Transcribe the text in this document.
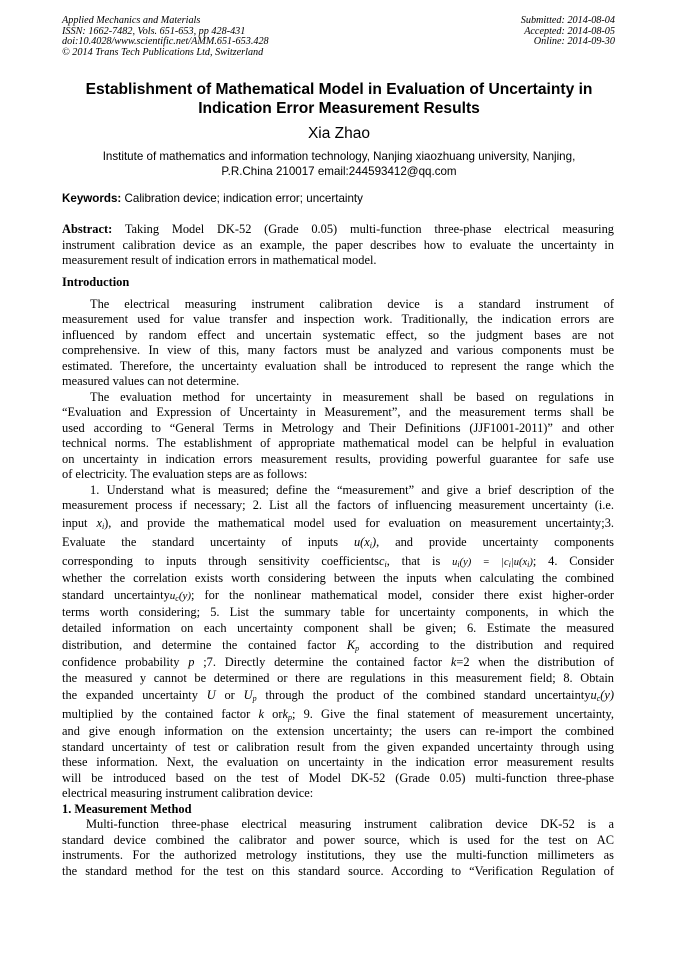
Applied Mechanics and Materials
ISSN: 1662-7482, Vols. 651-653, pp 428-431
doi:10.4028/www.scientific.net/AMM.651-653.428
© 2014 Trans Tech Publications Ltd, Switzerland
Submitted: 2014-08-04
Accepted: 2014-08-05
Online: 2014-09-30
Establishment of Mathematical Model in Evaluation of Uncertainty in
Indication Error Measurement Results
Xia Zhao
Institute of mathematics and information technology, Nanjing xiaozhuang university, Nanjing,
P.R.China 210017 email:244593412@qq.com
Keywords: Calibration device; indication error; uncertainty
Abstract: Taking Model DK-52 (Grade 0.05) multi-function three-phase electrical measuring
instrument calibration device as an example, the paper describes how to evaluate the uncertainty in
measurement result of indication errors in mathematical model.
Introduction
The electrical measuring instrument calibration device is a standard instrument of
measurement used for value transfer and inspection work. Traditionally, the indication errors are
influenced by random effect and uncertain systematic effect, so the judgment bases are not
comprehensive. In view of this, many factors must be analyzed and various components must be
estimated. Therefore, the uncertainty evaluation shall be introduced to represent the range which the
measured values can not determine.
The evaluation method for uncertainty in measurement shall be based on regulations in
“Evaluation and Expression of Uncertainty in Measurement”, and the measurement terms shall be
used according to “General Terms in Metrology and Their Definitions (JJF1001-2011)” and other
technical norms. The establishment of appropriate mathematical model can be helpful in evaluation
on uncertainty in indication errors measurement results, providing powerful guarantee for safe use
of electricity. The evaluation steps are as follows:
1. Understand what is measured; define the “measurement” and give a brief description of the
measurement process if necessary; 2. List all the factors of influencing measurement uncertainty (i.e.
input $x_i$), and provide the mathematical model used for evaluation on measurement uncertainty;3.
Evaluate the standard uncertainty of inputs $u(x_i)$, and provide uncertainty components
corresponding to inputs through sensitivity coefficientsc$_i$, that is $u_i(y) = |c_i|u(x_i)$; 4. Consider
whether the correlation exists worth considering between the inputs when calculating the combined
standard uncertaintyu$_c$(y); for the nonlinear mathematical model, consider there exist higher-order
terms worth considering; 5. List the summary table for uncertainty components, in which the
detailed information on each uncertainty component shall be given; 6. Estimate the measured
distribution, and determine the contained factor $K_p$ according to the distribution and required
confidence probability p ;7. Directly determine the contained factor k=2 when the distribution of
the measured y cannot be determined or there are regulations in this measurement field; 8. Obtain
the expanded uncertainty U or $U_p$ through the product of the combined standard uncertaintyu$_c$(y)
multiplied by the contained factor k ork$_p$; 9. Give the final statement of measurement uncertainty,
and give enough information on the extension uncertainty; the users can re-import the combined
standard uncertainty of test or calibration result from the given expanded uncertainty through using
these information. Next, the evaluation on uncertainty in the indication error measurement results
will be introduced based on the test of Model DK-52 (Grade 0.05) multi-function three-phase
electrical measuring instrument calibration device:
1. Measurement Method
Multi-function three-phase electrical measuring instrument calibration device DK-52 is a
standard device combined the calibrator and power source, which is used for the test on AC
instruments. For the authorized metrology institutions, they use the multi-function millimeters as
the standard method for the test on this standard source. According to “Verification Regulation of
